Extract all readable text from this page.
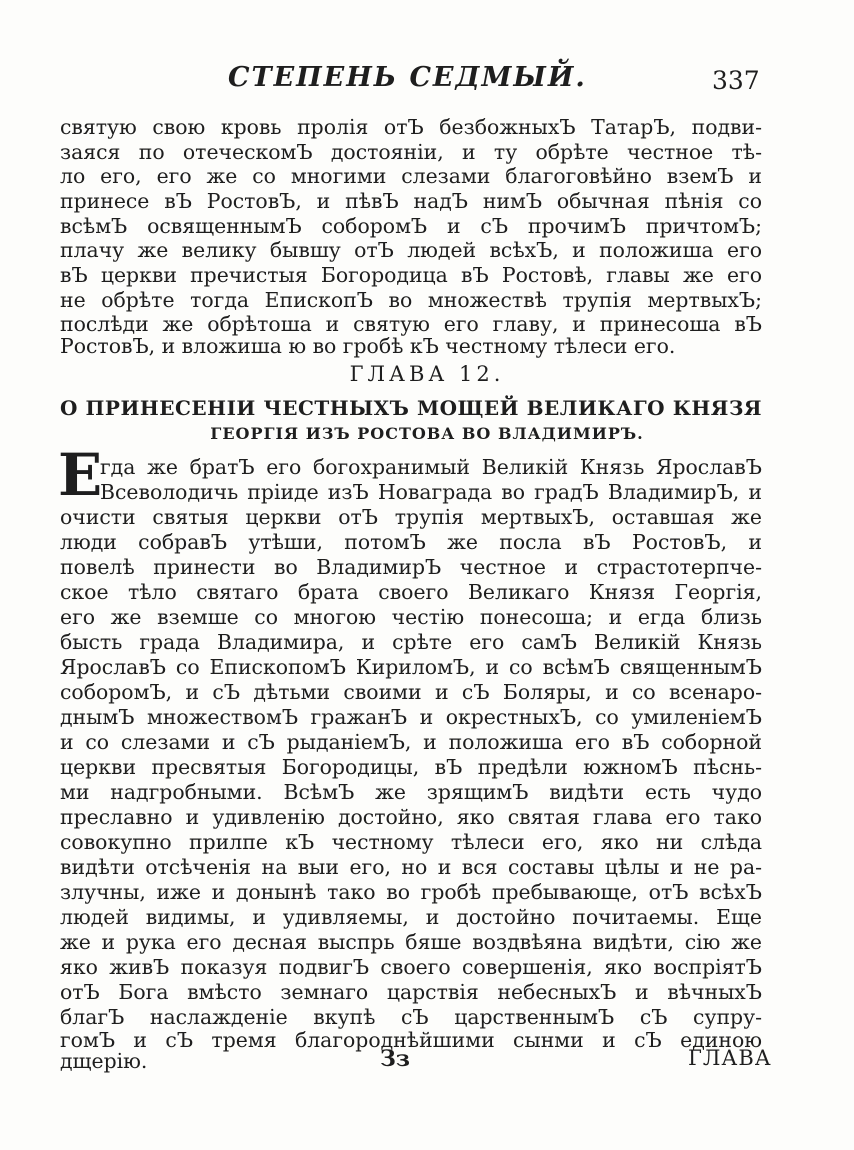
СТЕПЕНЬ СЕДМЫЙ.	337
святую свою кровь пролія отЪ безбожныхЪ ТатарЪ, подви-
заяся по отеческомЪ достояніи, и ту обрѣте честное тѣ-
ло его, его же со многими слезами благоговѣйно вземЪ и
принесе вЪ РостовЪ, и пѣвЪ надЪ нимЪ обычная пѣнія со
всѣмЪ освященнымЪ соборомЪ и сЪ прочимЪ причтомЪ;
плачу же велику бывшу отЪ людей всѣхЪ, и положиша его
вЪ церкви пречистыя Богородица вЪ Ростовѣ, главы же его
не обрѣте тогда ЕпископЪ во множествѣ трупія мертвыхЪ;
послѣди же обрѣтоша и святую его главу, и принесоша вЪ
РостовЪ, и вложиша ю во гробѣ кЪ честному тѣлеси его.
ГЛАВА 12.
О ПРИНЕСЕНІИ ЧЕСТНЫХЪ МОЩЕЙ ВЕЛИКАГО КНЯЗЯ
ГЕОРГІЯ ИЗЪ РОСТОВА ВО ВЛАДИМИРЪ.
Е
гда же братЪ его богохранимый Великій Князь ЯрославЪ
Всеволодичь пріиде изЪ Новаграда во градЪ ВладимирЪ, и
очисти святыя церкви отЪ трупія мертвыхЪ, оставшая же
люди собравЪ утѣши, потомЪ же посла вЪ РостовЪ, и
повелѣ принести во ВладимирЪ честное и страстотерпче-
ское тѣло святаго брата своего Великаго Князя Георгія,
его же вземше со многою честію понесоша; и егда близь
бысть града Владимира, и срѣте его самЪ Великій Князь
ЯрославЪ со ЕпископомЪ КириломЪ, и со всѣмЪ священнымЪ
соборомЪ, и сЪ дѣтьми своими и сЪ Боляры, и со всенаро-
днымЪ множествомЪ гражанЪ и окрестныхЪ, со умиленіемЪ
и со слезами и сЪ рыданіемЪ, и положиша его вЪ соборной
церкви пресвятыя Богородицы, вЪ предѣли южномЪ пѣснь-
ми надгробными. ВсѣмЪ же зрящимЪ видѣти есть чудо
преславно и удивленію достойно, яко святая глава его тако
совокупно прилпе кЪ честному тѣлеси его, яко ни слѣда
видѣти отсѣченія на выи его, но и вся составы цѣлы и не ра-
злучны, иже и донынѣ тако во гробѣ пребывающе, отЪ всѣхЪ
людей видимы, и удивляемы, и достойно почитаемы. Еще
же и рука его десная выспрь бяше воздвѣяна видѣти, сію же
яко живЪ показуя подвигЪ своего совершенія, яко воспріятЪ
отЪ Бога вмѣсто земнаго царствія небесныхЪ и вѣчныхЪ
благЪ наслажденіе вкупѣ сЪ царственнымЪ сЪ супру-
гомЪ и сЪ тремя благороднѣйшими сынми и сЪ единою
дщерію.	Зз	ГЛАВА
